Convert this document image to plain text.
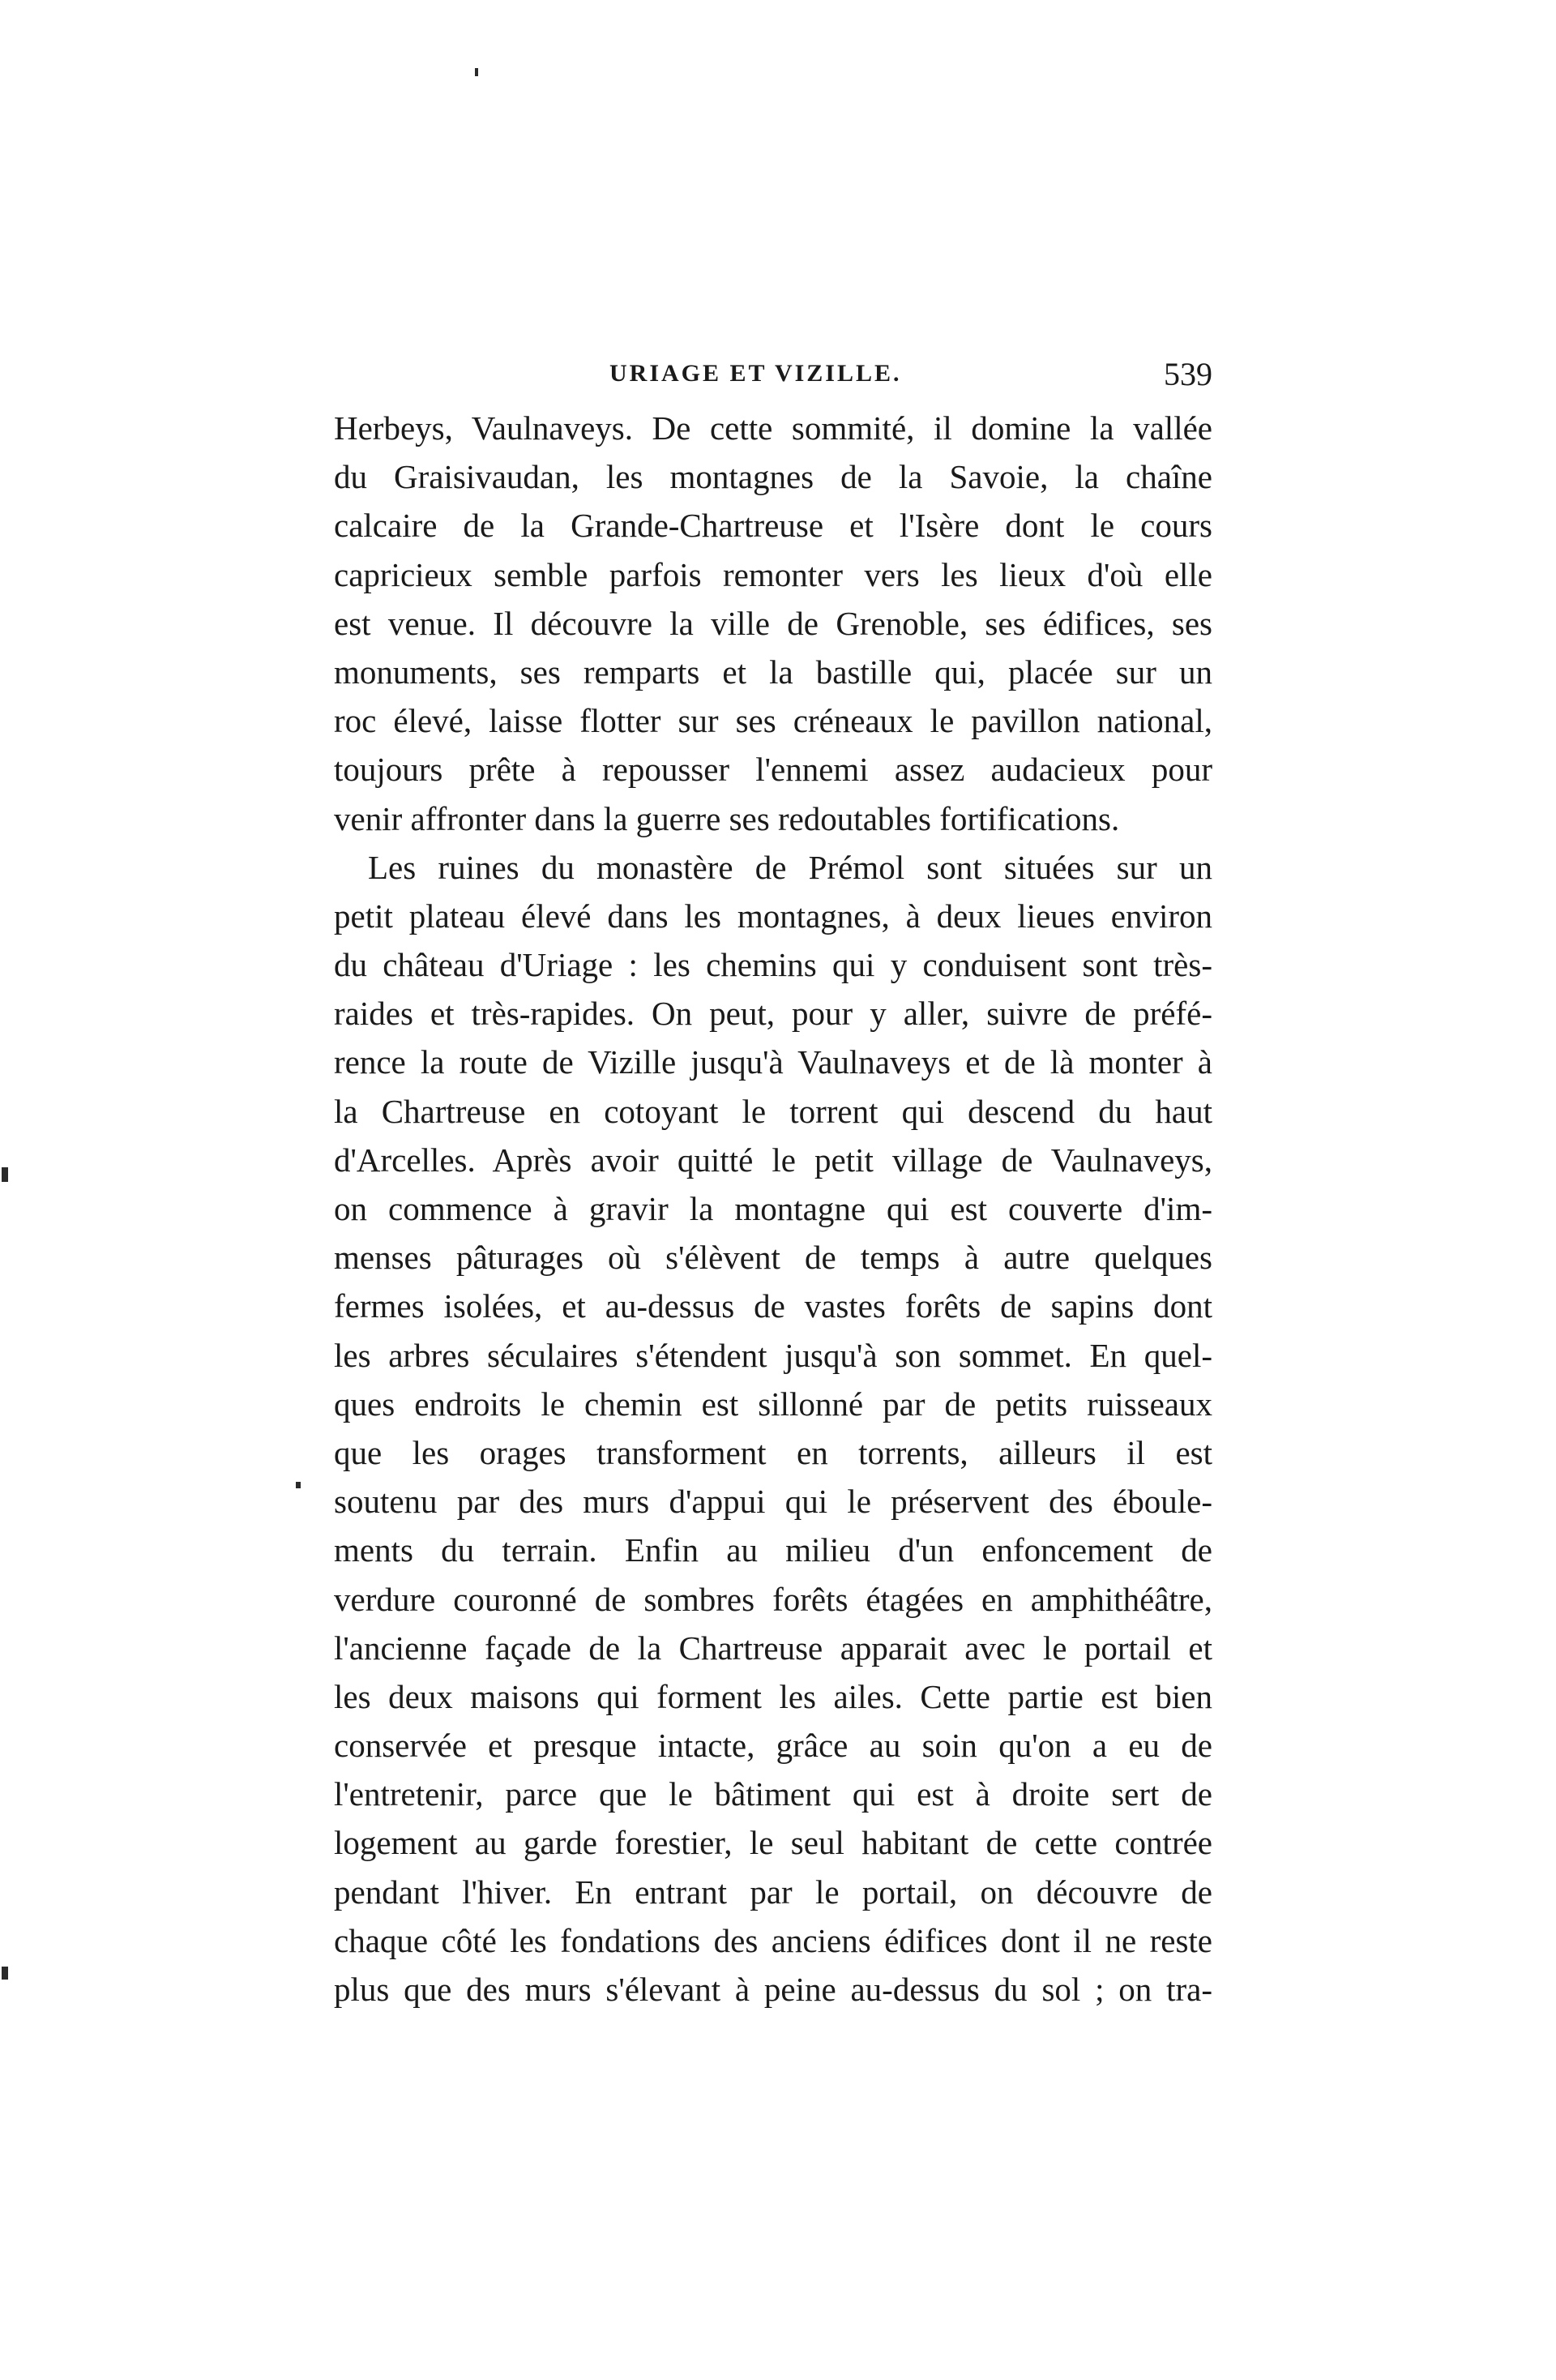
URIAGE ET VIZILLE.	539
Herbeys, Vaulnaveys. De cette sommité, il domine la vallée
du Graisivaudan, les montagnes de la Savoie, la chaîne
calcaire de la Grande-Chartreuse et l'Isère dont le cours
capricieux semble parfois remonter vers les lieux d'où elle
est venue. Il découvre la ville de Grenoble, ses édifices, ses
monuments, ses remparts et la bastille qui, placée sur un
roc élevé, laisse flotter sur ses créneaux le pavillon national,
toujours prête à repousser l'ennemi assez audacieux pour
venir affronter dans la guerre ses redoutables fortifications.
Les ruines du monastère de Prémol sont situées sur un
petit plateau élevé dans les montagnes, à deux lieues environ
du château d'Uriage : les chemins qui y conduisent sont très-
raides et très-rapides. On peut, pour y aller, suivre de préfé-
rence la route de Vizille jusqu'à Vaulnaveys et de là monter à
la Chartreuse en cotoyant le torrent qui descend du haut
d'Arcelles. Après avoir quitté le petit village de Vaulnaveys,
on commence à gravir la montagne qui est couverte d'im-
menses pâturages où s'élèvent de temps à autre quelques
fermes isolées, et au-dessus de vastes forêts de sapins dont
les arbres séculaires s'étendent jusqu'à son sommet. En quel-
ques endroits le chemin est sillonné par de petits ruisseaux
que les orages transforment en torrents, ailleurs il est
soutenu par des murs d'appui qui le préservent des éboule-
ments du terrain. Enfin au milieu d'un enfoncement de
verdure couronné de sombres forêts étagées en amphithéâtre,
l'ancienne façade de la Chartreuse apparait avec le portail et
les deux maisons qui forment les ailes. Cette partie est bien
conservée et presque intacte, grâce au soin qu'on a eu de
l'entretenir, parce que le bâtiment qui est à droite sert de
logement au garde forestier, le seul habitant de cette contrée
pendant l'hiver. En entrant par le portail, on découvre de
chaque côté les fondations des anciens édifices dont il ne reste
plus que des murs s'élevant à peine au-dessus du sol ; on tra-
